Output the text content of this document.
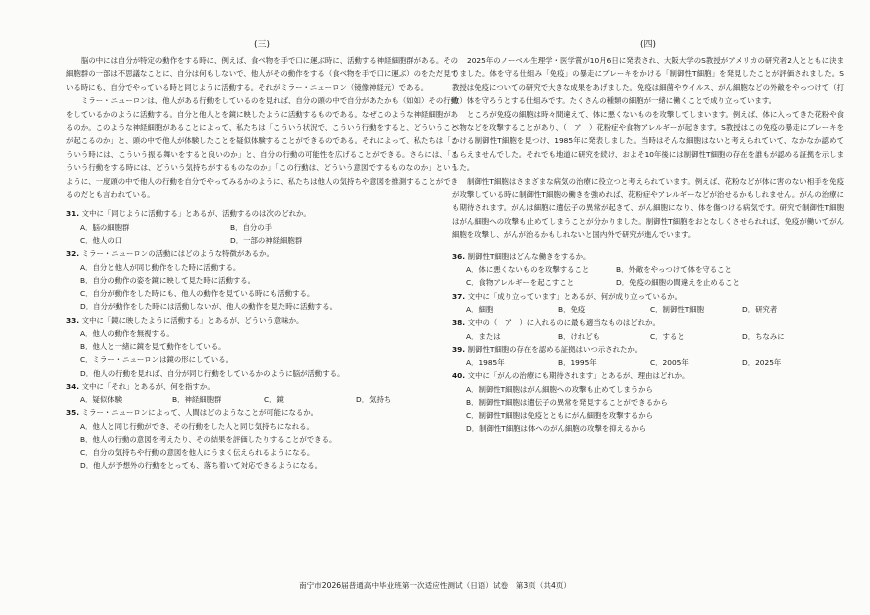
(三)

脳の中には自分が特定の動作をする時に、例えば、食べ物を手で口に運ぶ時に、活動する神経細胞群がある。その細胞群の一部は不思議なことに、自分は何もしないで、他人がその動作をする（食べ物を手で口に運ぶ）のをただ見ている時にも、自分でやっている時と同じように活動する。それがミラー・ニューロン（镜像神経元）である。

ミラー・ニューロンは、他人がある行動をしているのを見れば、自分の頭の中で自分があたかも（如如）その行動をしているかのように活動する。自分と他人とを鏡に映したように活動するものである。なぜこのような神経細胞があるのか。このような神経細胞があることによって、私たちは「こういう状況で、こういう行動をすると、どういうことが起こるのか」と、頭の中で他人が体験したことを疑似体験することができるのである。それによって、私たちは「こういう時には、こういう振る舞いをすると良いのか」と、自分の行動の可能性を広げることができる。さらには、「こういう行動をする時には、どういう気持ちがするものなのか」「この行動は、どういう意図でするものなのか」というように、一度頭の中で他人の行動を自分でやってみるかのように、私たちは他人の気持ちや意図を推測することができるのだとも言われている。

31. 文中に「同じように活動する」とあるが、活動するのは次のどれか。

A．脳の細胞群	B．自分の手
C．他人の口	D．一部の神経細胞群

32. ミラー・ニューロンの活動にはどのような特徴があるか。

A．自分と他人が同じ動作をした時に活動する。

B．自分の動作の姿を鏡に映して見た時に活動する。

C．自分が動作をした時にも、他人の動作を見ている時にも活動する。

D．自分が動作をした時には活動しないが、他人の動作を見た時に活動する。

33. 文中に「鏡に映したように活動する」とあるが、どういう意味か。

A．他人の動作を無視する。

B．他人と一緒に鏡を見て動作をしている。

C．ミラー・ニューロンは鏡の形にしている。

D．他人の行動を見れば、自分が同じ行動をしているかのように脳が活動する。

34. 文中に「それ」とあるが、何を指すか。

A．疑似体験	B．神経細胞群	C．鏡	D．気持ち

35. ミラー・ニューロンによって、人間はどのようなことが可能になるか。

A．他人と同じ行動ができ、その行動をした人と同じ気持ちになれる。

B．他人の行動の意図を考えたり、その結果を評価したりすることができる。

C．自分の気持ちや行動の意図を他人にうまく伝えられるようになる。

D．他人が予想外の行動をとっても、落ち着いて対応できるようになる。

(四)

2025年のノーベル生理学・医学賞が10月6日に発表され、大阪大学のS教授がアメリカの研究者2人とともに決まりました。体を守る仕組み「免疫」の暴走にブレーキをかける「制御性T細胞」を発見したことが評価されました。S教授は免疫についての研究で大きな成果をあげました。免疫は細菌やウイルス、がん細胞などの外敵をやっつけて（打败）体を守ろうとする仕組みです。たくさんの種類の細胞が一緒に働くことで成り立っています。

ところが免疫の細胞は時々間違えて、体に悪くないものを攻撃してしまいます。例えば、体に入ってきた花粉や食べ物などを攻撃することがあり、（　ア　）花粉症や食物アレルギーが起きます。S教授はこの免疫の暴走にブレーキをかける制御性T細胞を見つけ、1985年に発表しました。当時はそんな細胞はないと考えられていて、なかなか認めてもらえませんでした。それでも地道に研究を続け、およそ10年後には制御性T細胞の存在を誰もが認める証拠を示しました。

制御性T細胞はさまざまな病気の治療に役立つと考えられています。例えば、花粉などが体に害のない相手を免疫が攻撃している時に制御性T細胞の働きを強めれば、花粉症やアレルギーなどが治せるかもしれません。がんの治療にも期待されます。がんは細胞に遺伝子の異常が起きて、がん細胞になり、体を傷つける病気です。研究で制御性T細胞はがん細胞への攻撃も止めてしまうことが分かりました。制御性T細胞をおとなしくさせられれば、免疫が働いてがん細胞を攻撃し、がんが治るかもしれないと国内外で研究が進んでいます。

36. 制御性T細胞はどんな働きをするか。

A．体に悪くないものを攻撃すること	B．外敵をやっつけて体を守ること
C．食物アレルギーを起こすこと	D．免疫の細胞の間違えを止めること

37. 文中に「成り立っています」とあるが、何が成り立っているか。

A．細胞	B．免疫	C．制御性T細胞	D．研究者

38. 文中の（　ア　）に入れるのに最も適当なものはどれか。

A．または	B．けれども	C．すると	D．ちなみに

39. 制御性T細胞の存在を認める証拠はいつ示されたか。

A．1985年	B．1995年	C．2005年	D．2025年

40. 文中に「がんの治療にも期待されます」とあるが、理由はどれか。

A．制御性T細胞はがん細胞への攻撃も止めてしまうから

B．制御性T細胞は遺伝子の異常を発見することができるから

C．制御性T細胞は免疫とともにがん細胞を攻撃するから

D．制御性T細胞は体へのがん細胞の攻撃を抑えるから

南宁市2026届普通高中毕业班第一次适应性测试（日语）试卷　第3页（共4页）
